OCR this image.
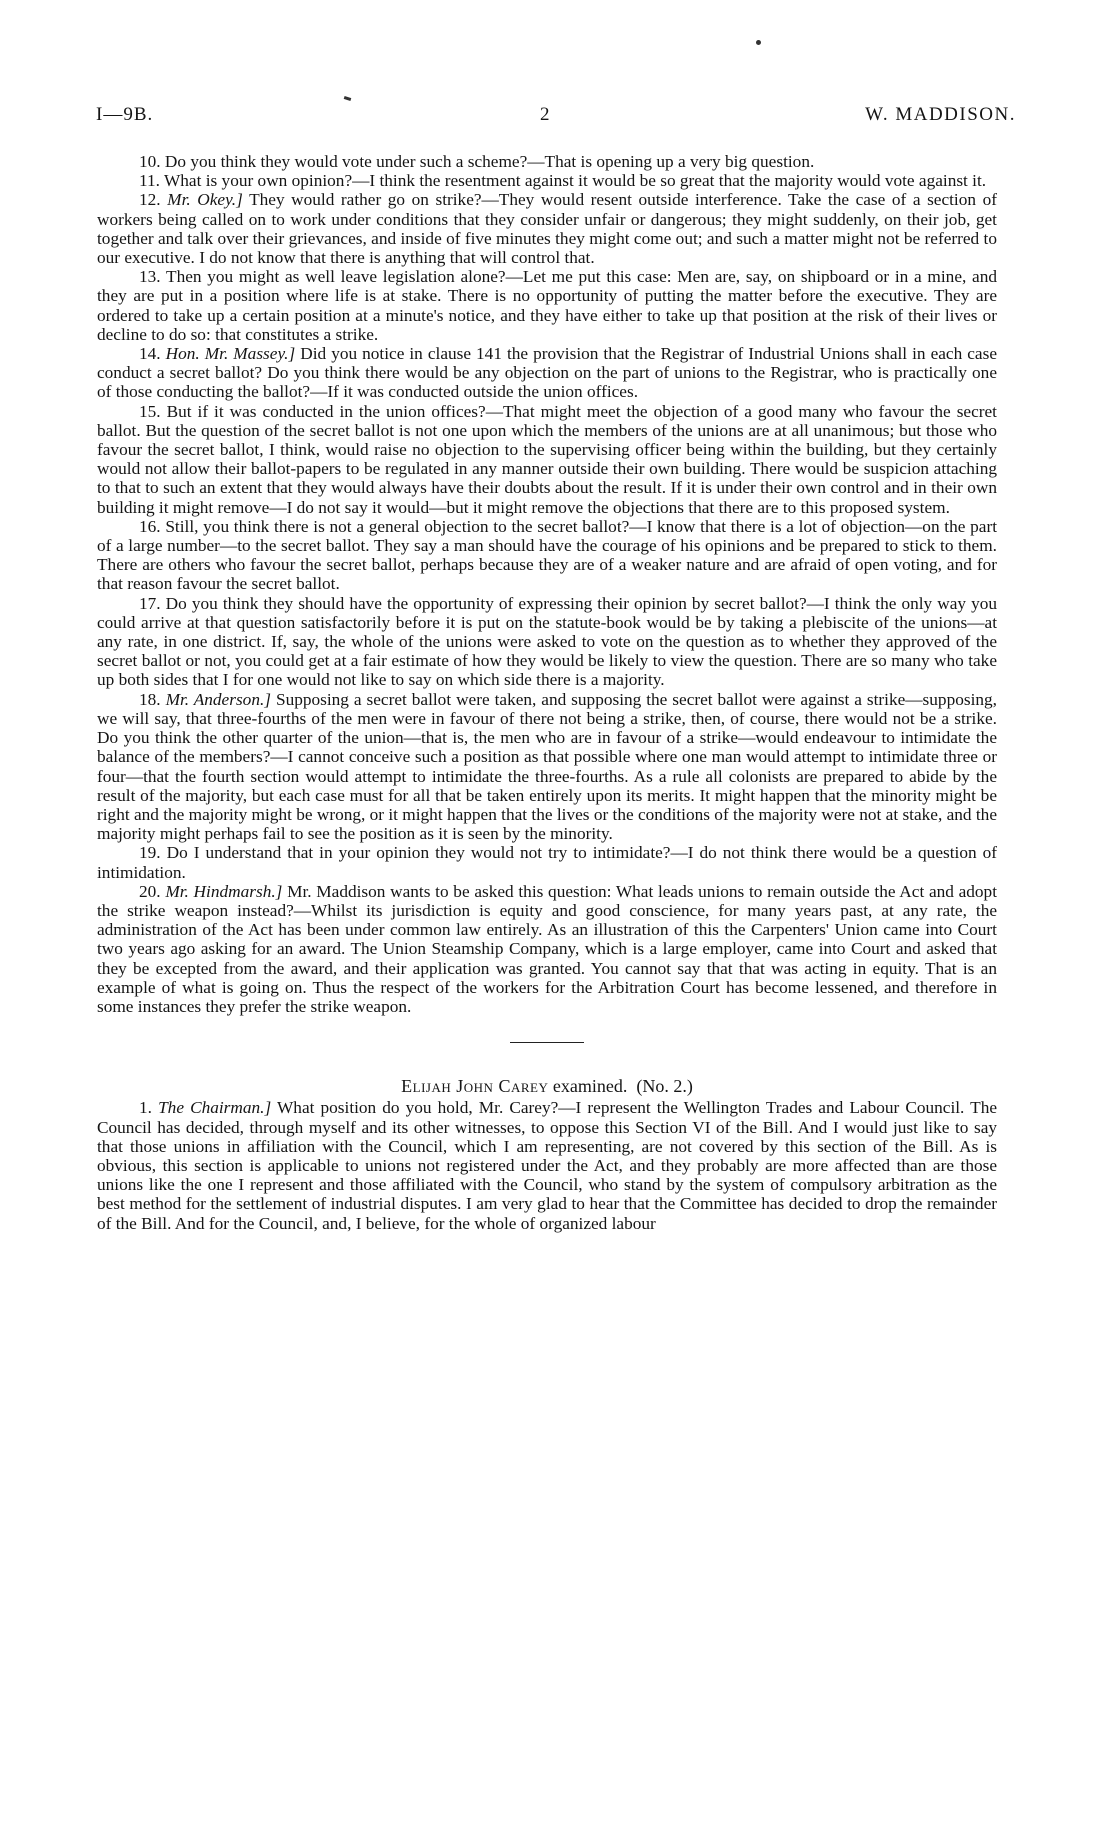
I—9B.	2	W. MADDISON.

10. Do you think they would vote under such a scheme?—That is opening up a very big question.

11. What is your own opinion?—I think the resentment against it would be so great that the majority would vote against it.

12. Mr. Okey.] They would rather go on strike?—They would resent outside interference. Take the case of a section of workers being called on to work under conditions that they consider unfair or dangerous; they might suddenly, on their job, get together and talk over their grievances, and inside of five minutes they might come out; and such a matter might not be referred to our executive. I do not know that there is anything that will control that.

13. Then you might as well leave legislation alone?—Let me put this case: Men are, say, on shipboard or in a mine, and they are put in a position where life is at stake. There is no opportunity of putting the matter before the executive. They are ordered to take up a certain position at a minute's notice, and they have either to take up that position at the risk of their lives or decline to do so: that constitutes a strike.

14. Hon. Mr. Massey.] Did you notice in clause 141 the provision that the Registrar of Industrial Unions shall in each case conduct a secret ballot? Do you think there would be any objection on the part of unions to the Registrar, who is practically one of those conducting the ballot?—If it was conducted outside the union offices.

15. But if it was conducted in the union offices?—That might meet the objection of a good many who favour the secret ballot. But the question of the secret ballot is not one upon which the members of the unions are at all unanimous; but those who favour the secret ballot, I think, would raise no objection to the supervising officer being within the building, but they certainly would not allow their ballot-papers to be regulated in any manner outside their own building. There would be suspicion attaching to that to such an extent that they would always have their doubts about the result. If it is under their own control and in their own building it might remove—I do not say it would—but it might remove the objections that there are to this proposed system.

16. Still, you think there is not a general objection to the secret ballot?—I know that there is a lot of objection—on the part of a large number—to the secret ballot. They say a man should have the courage of his opinions and be prepared to stick to them. There are others who favour the secret ballot, perhaps because they are of a weaker nature and are afraid of open voting, and for that reason favour the secret ballot.

17. Do you think they should have the opportunity of expressing their opinion by secret ballot?—I think the only way you could arrive at that question satisfactorily before it is put on the statute-book would be by taking a plebiscite of the unions—at any rate, in one district. If, say, the whole of the unions were asked to vote on the question as to whether they approved of the secret ballot or not, you could get at a fair estimate of how they would be likely to view the question. There are so many who take up both sides that I for one would not like to say on which side there is a majority.

18. Mr. Anderson.] Supposing a secret ballot were taken, and supposing the secret ballot were against a strike—supposing, we will say, that three-fourths of the men were in favour of there not being a strike, then, of course, there would not be a strike. Do you think the other quarter of the union—that is, the men who are in favour of a strike—would endeavour to intimidate the balance of the members?—I cannot conceive such a position as that possible where one man would attempt to intimidate three or four—that the fourth section would attempt to intimidate the three-fourths. As a rule all colonists are prepared to abide by the result of the majority, but each case must for all that be taken entirely upon its merits. It might happen that the minority might be right and the majority might be wrong, or it might happen that the lives or the conditions of the majority were not at stake, and the majority might perhaps fail to see the position as it is seen by the minority.

19. Do I understand that in your opinion they would not try to intimidate?—I do not think there would be a question of intimidation.

20. Mr. Hindmarsh.] Mr. Maddison wants to be asked this question: What leads unions to remain outside the Act and adopt the strike weapon instead?—Whilst its jurisdiction is equity and good conscience, for many years past, at any rate, the administration of the Act has been under common law entirely. As an illustration of this the Carpenters' Union came into Court two years ago asking for an award. The Union Steamship Company, which is a large employer, came into Court and asked that they be excepted from the award, and their application was granted. You cannot say that that was acting in equity. That is an example of what is going on. Thus the respect of the workers for the Arbitration Court has become lessened, and therefore in some instances they prefer the strike weapon.

Elijah John Carey examined. (No. 2.)

1. The Chairman.] What position do you hold, Mr. Carey?—I represent the Wellington Trades and Labour Council. The Council has decided, through myself and its other witnesses, to oppose this Section VI of the Bill. And I would just like to say that those unions in affiliation with the Council, which I am representing, are not covered by this section of the Bill. As is obvious, this section is applicable to unions not registered under the Act, and they probably are more affected than are those unions like the one I represent and those affiliated with the Council, who stand by the system of compulsory arbitration as the best method for the settlement of industrial disputes. I am very glad to hear that the Committee has decided to drop the remainder of the Bill. And for the Council, and, I believe, for the whole of organized labour
